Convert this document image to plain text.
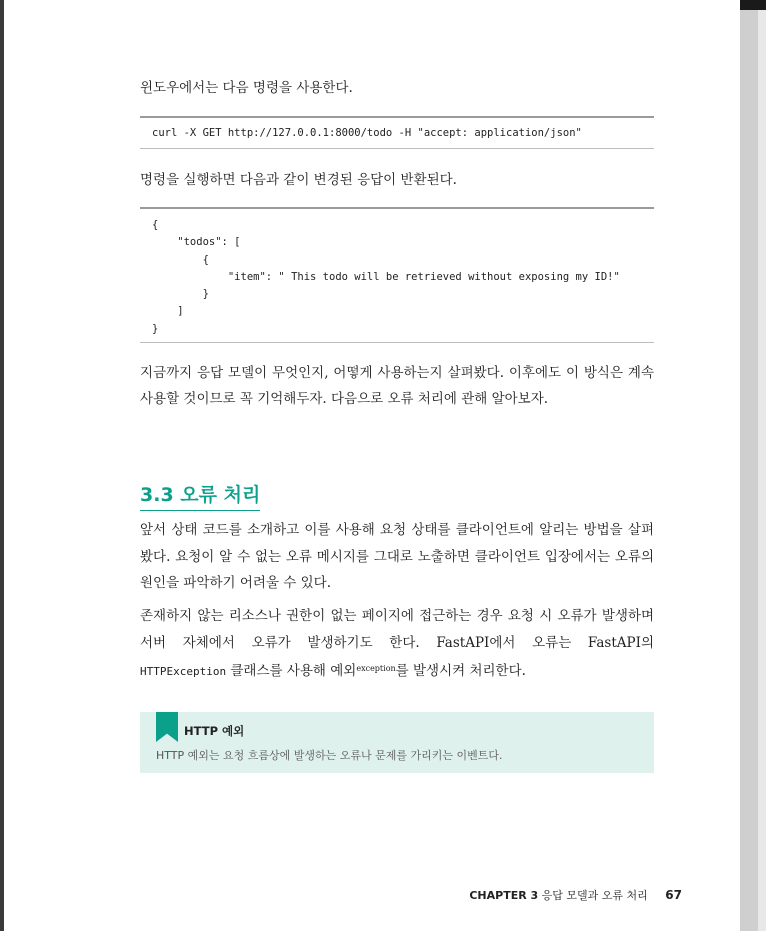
윈도우에서는 다음 명령을 사용한다.
curl -X GET http://127.0.0.1:8000/todo -H "accept: application/json"
명령을 실행하면 다음과 같이 변경된 응답이 반환된다.
{
"todos": [
{
"item": " This todo will be retrieved without exposing my ID!"
}
]
}
지금까지 응답 모델이 무엇인지, 어떻게 사용하는지 살펴봤다. 이후에도 이 방식은 계속 사용할 것이므로 꼭 기억해두자. 다음으로 오류 처리에 관해 알아보자.
3.3 오류 처리
앞서 상태 코드를 소개하고 이를 사용해 요청 상태를 클라이언트에 알리는 방법을 살펴봤다. 요청이 알 수 없는 오류 메시지를 그대로 노출하면 클라이언트 입장에서는 오류의 원인을 파악하기 어려울 수 있다.
존재하지 않는 리소스나 권한이 없는 페이지에 접근하는 경우 요청 시 오류가 발생하며 서버 자체에서 오류가 발생하기도 한다. FastAPI에서 오류는 FastAPI의 HTTPException 클래스를 사용해 예외$^{exception}$를 발생시켜 처리한다.
HTTP 예외
HTTP 예외는 요청 흐름상에 발생하는 오류나 문제를 가리키는 이벤트다.
CHAPTER 3 응답 모델과 오류 처리 67
